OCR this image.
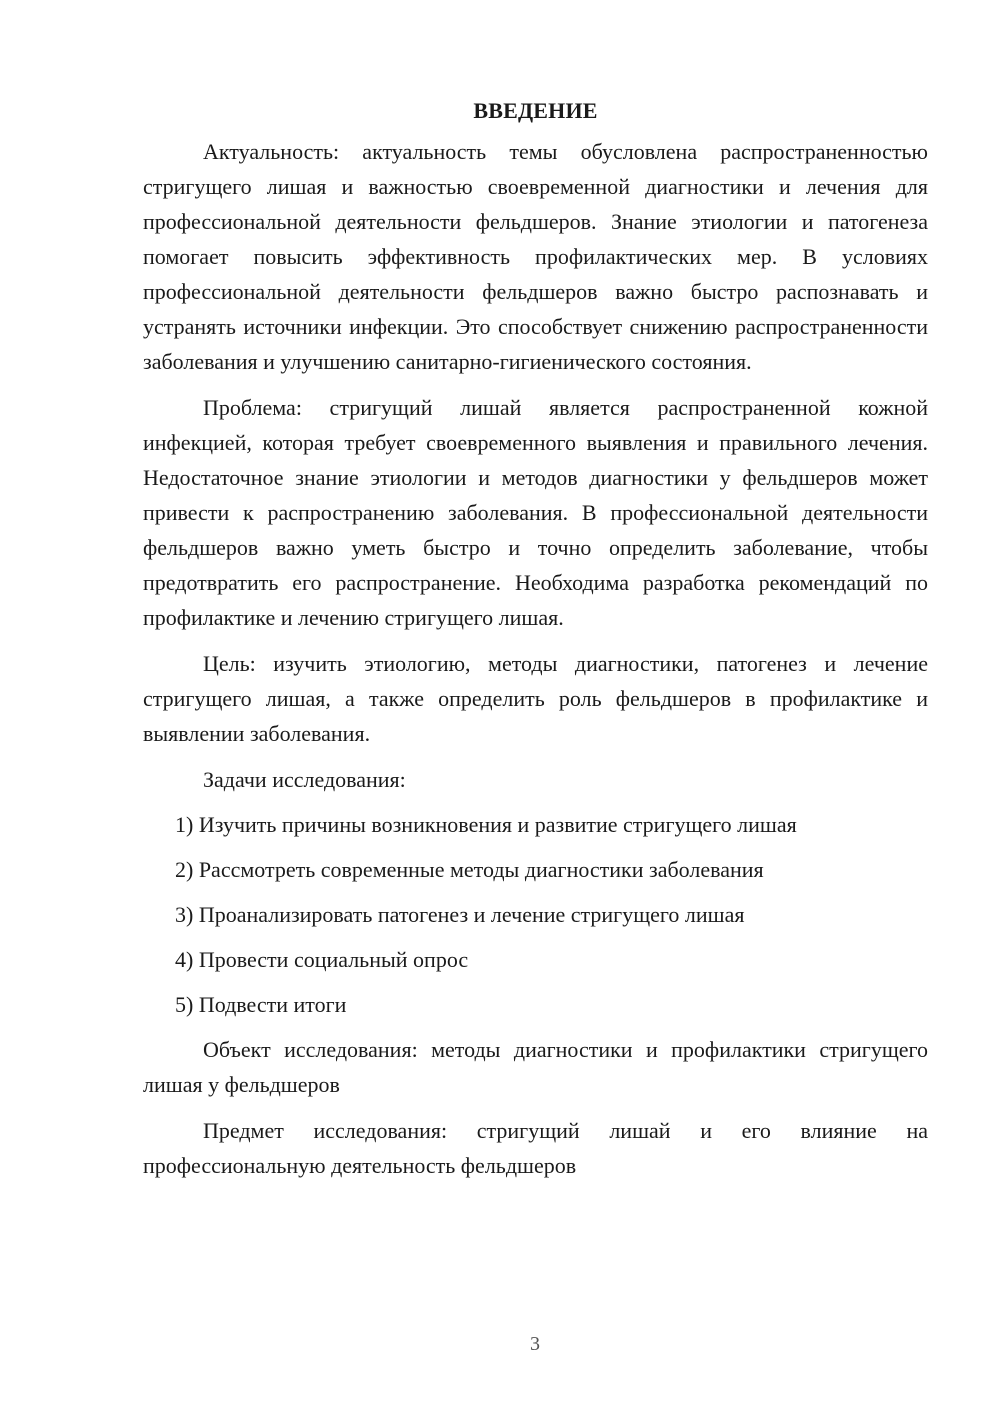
ВВЕДЕНИЕ

Актуальность: актуальность темы обусловлена распространенностью стригущего лишая и важностью своевременной диагностики и лечения для профессиональной деятельности фельдшеров. Знание этиологии и патогенеза помогает повысить эффективность профилактических мер. В условиях профессиональной деятельности фельдшеров важно быстро распознавать и устранять источники инфекции. Это способствует снижению распространенности заболевания и улучшению санитарно-гигиенического состояния.

Проблема: стригущий лишай является распространенной кожной инфекцией, которая требует своевременного выявления и правильного лечения. Недостаточное знание этиологии и методов диагностики у фельдшеров может привести к распространению заболевания. В профессиональной деятельности фельдшеров важно уметь быстро и точно определить заболевание, чтобы предотвратить его распространение. Необходима разработка рекомендаций по профилактике и лечению стригущего лишая.

Цель: изучить этиологию, методы диагностики, патогенез и лечение стригущего лишая, а также определить роль фельдшеров в профилактике и выявлении заболевания.

Задачи исследования:

1) Изучить причины возникновения и развитие стригущего лишая
2) Рассмотреть современные методы диагностики заболевания
3) Проанализировать патогенез и лечение стригущего лишая
4) Провести социальный опрос
5) Подвести итоги

Объект исследования: методы диагностики и профилактики стригущего лишая у фельдшеров

Предмет исследования: стригущий лишай и его влияние на профессиональную деятельность фельдшеров

3
